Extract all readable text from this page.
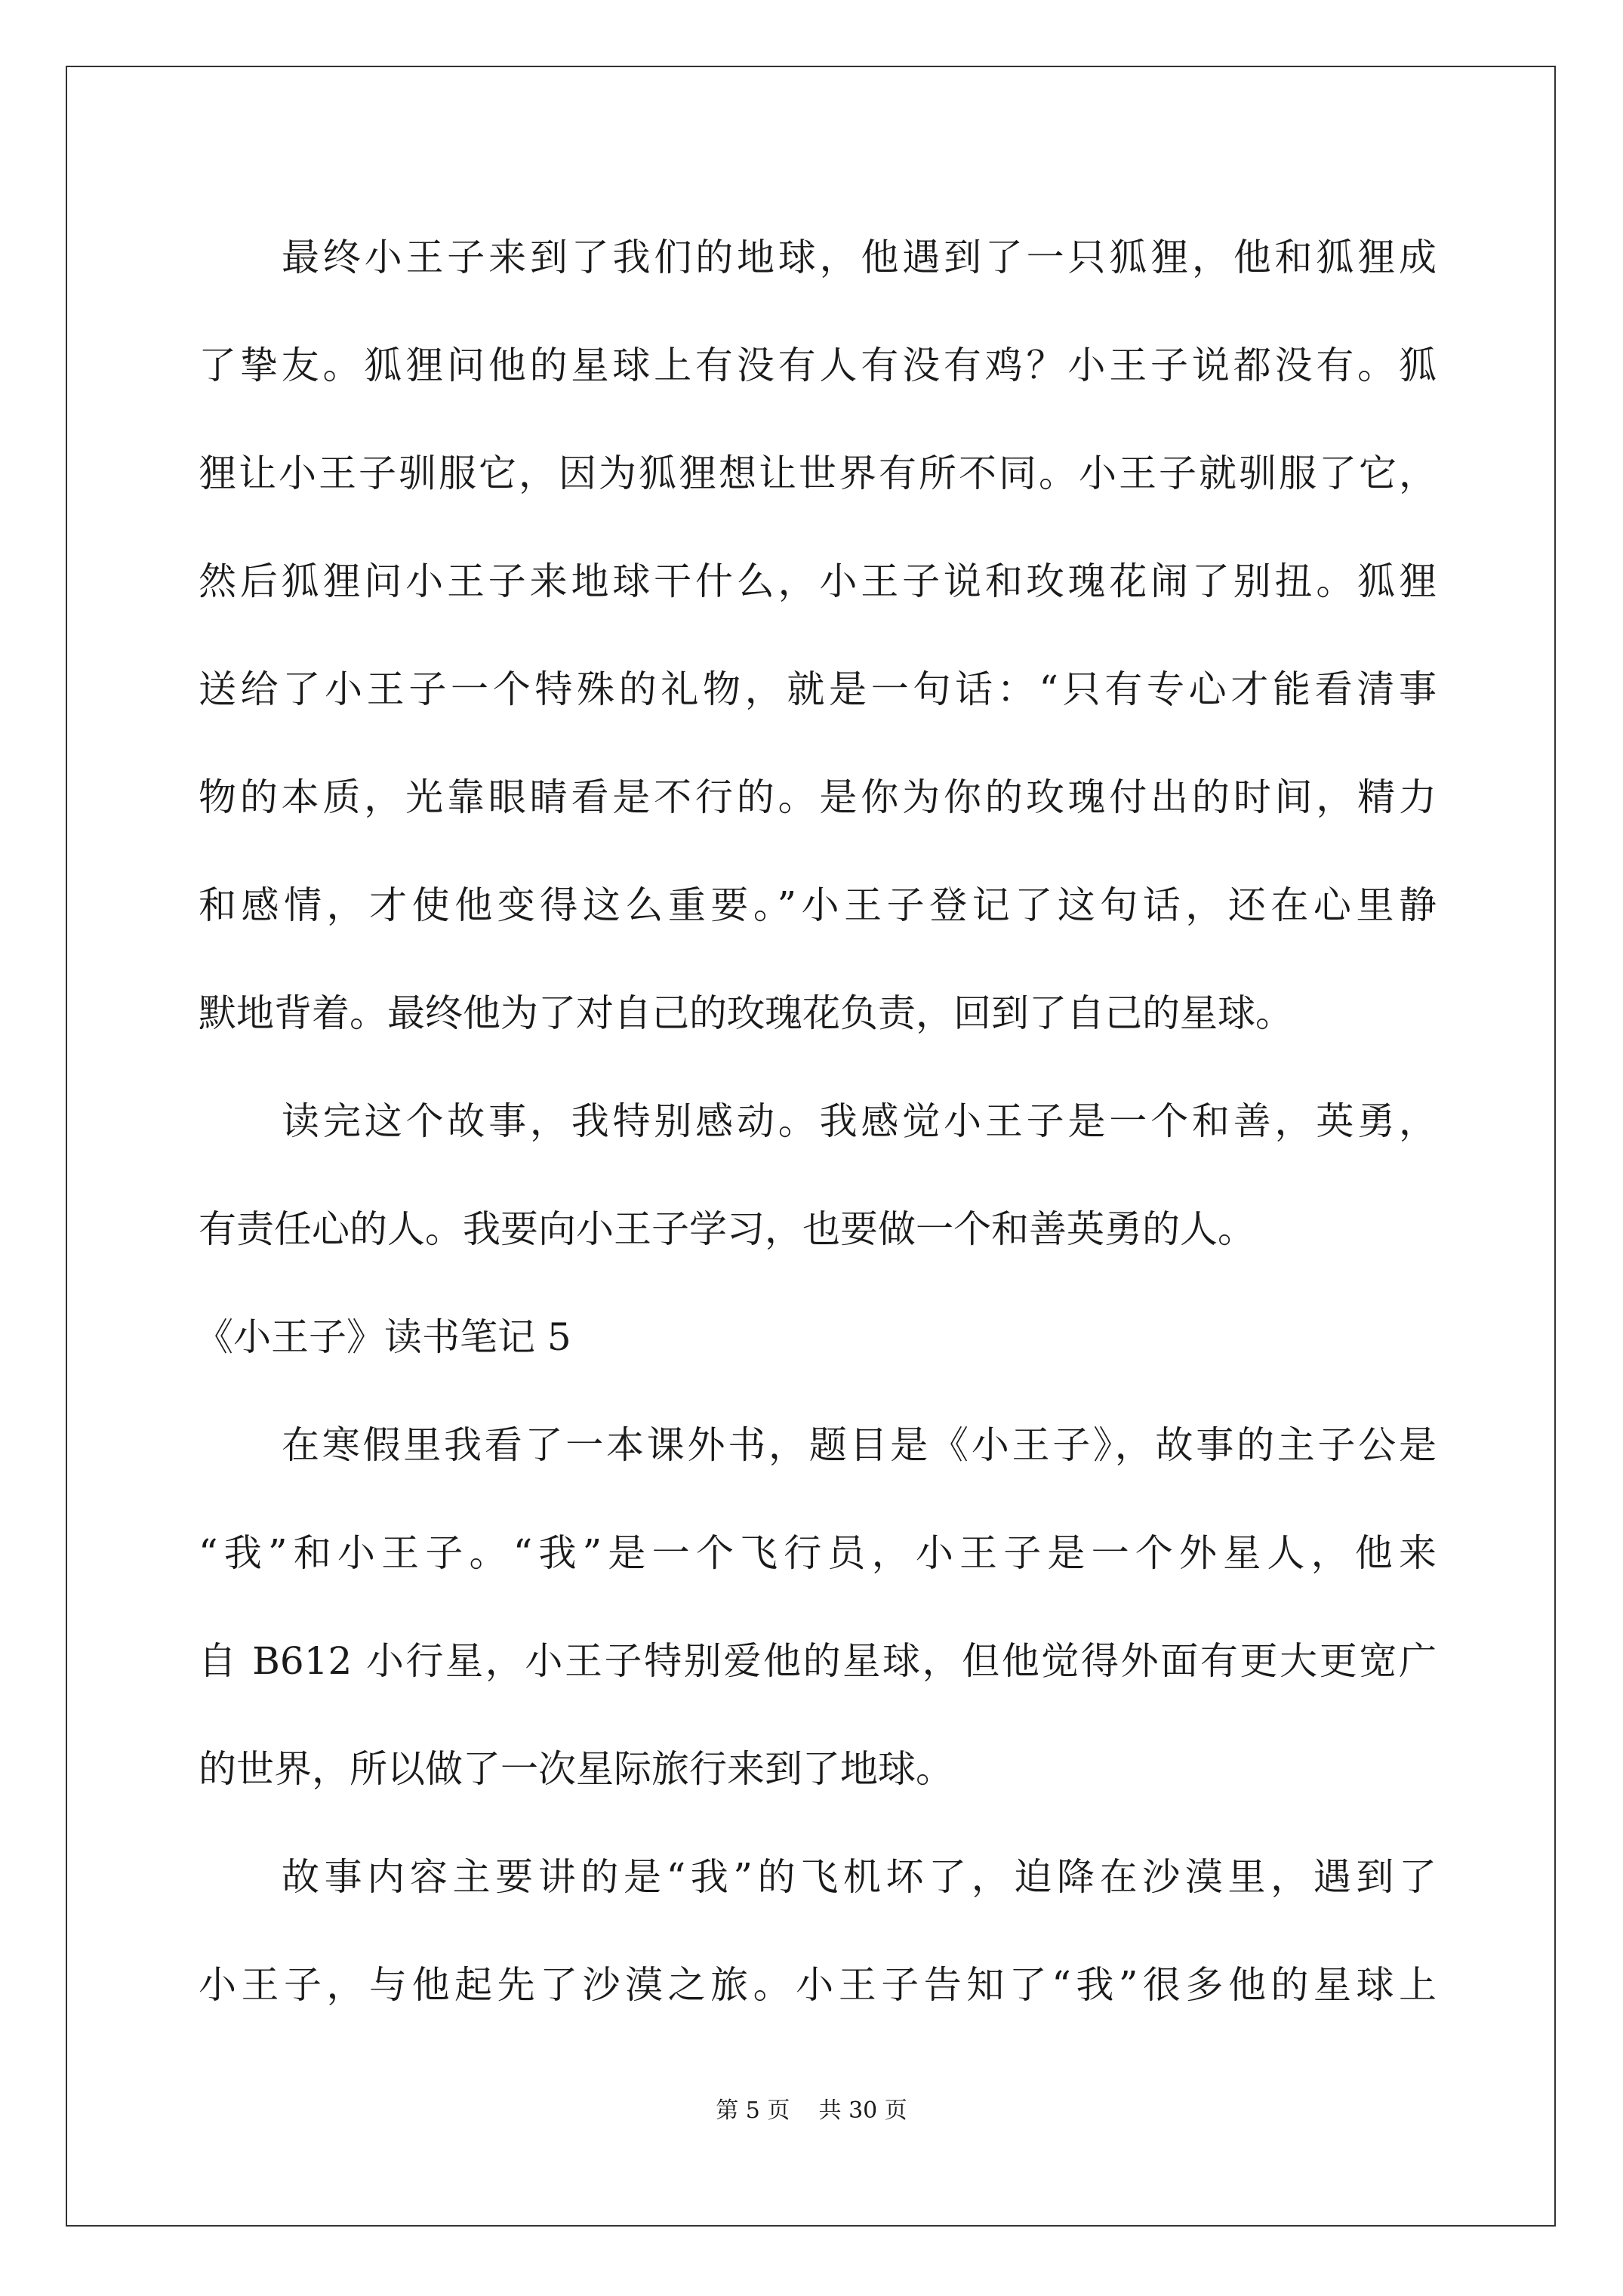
最终小王子来到了我们的地球，他遇到了一只狐狸，他和狐狸成
了挚友。狐狸问他的星球上有没有人有没有鸡？小王子说都没有。狐
狸让小王子驯服它，因为狐狸想让世界有所不同。小王子就驯服了它，
然后狐狸问小王子来地球干什么，小王子说和玫瑰花闹了别扭。狐狸
送给了小王子一个特殊的礼物，就是一句话：“只有专心才能看清事
物的本质，光靠眼睛看是不行的。是你为你的玫瑰付出的时间，精力
和感情，才使他变得这么重要。”小王子登记了这句话，还在心里静
默地背着。最终他为了对自己的玫瑰花负责，回到了自己的星球。
读完这个故事，我特别感动。我感觉小王子是一个和善，英勇，
有责任心的人。我要向小王子学习，也要做一个和善英勇的人。
《小王子》读书笔记 5
在寒假里我看了一本课外书，题目是《小王子》，故事的主子公是
“我”和小王子。“我”是一个飞行员，小王子是一个外星人，他来
自 B612 小行星，小王子特别爱他的星球，但他觉得外面有更大更宽广
的世界，所以做了一次星际旅行来到了地球。
故事内容主要讲的是“我”的飞机坏了，迫降在沙漠里，遇到了
小王子，与他起先了沙漠之旅。小王子告知了“我”很多他的星球上
第 5 页 共 30 页
